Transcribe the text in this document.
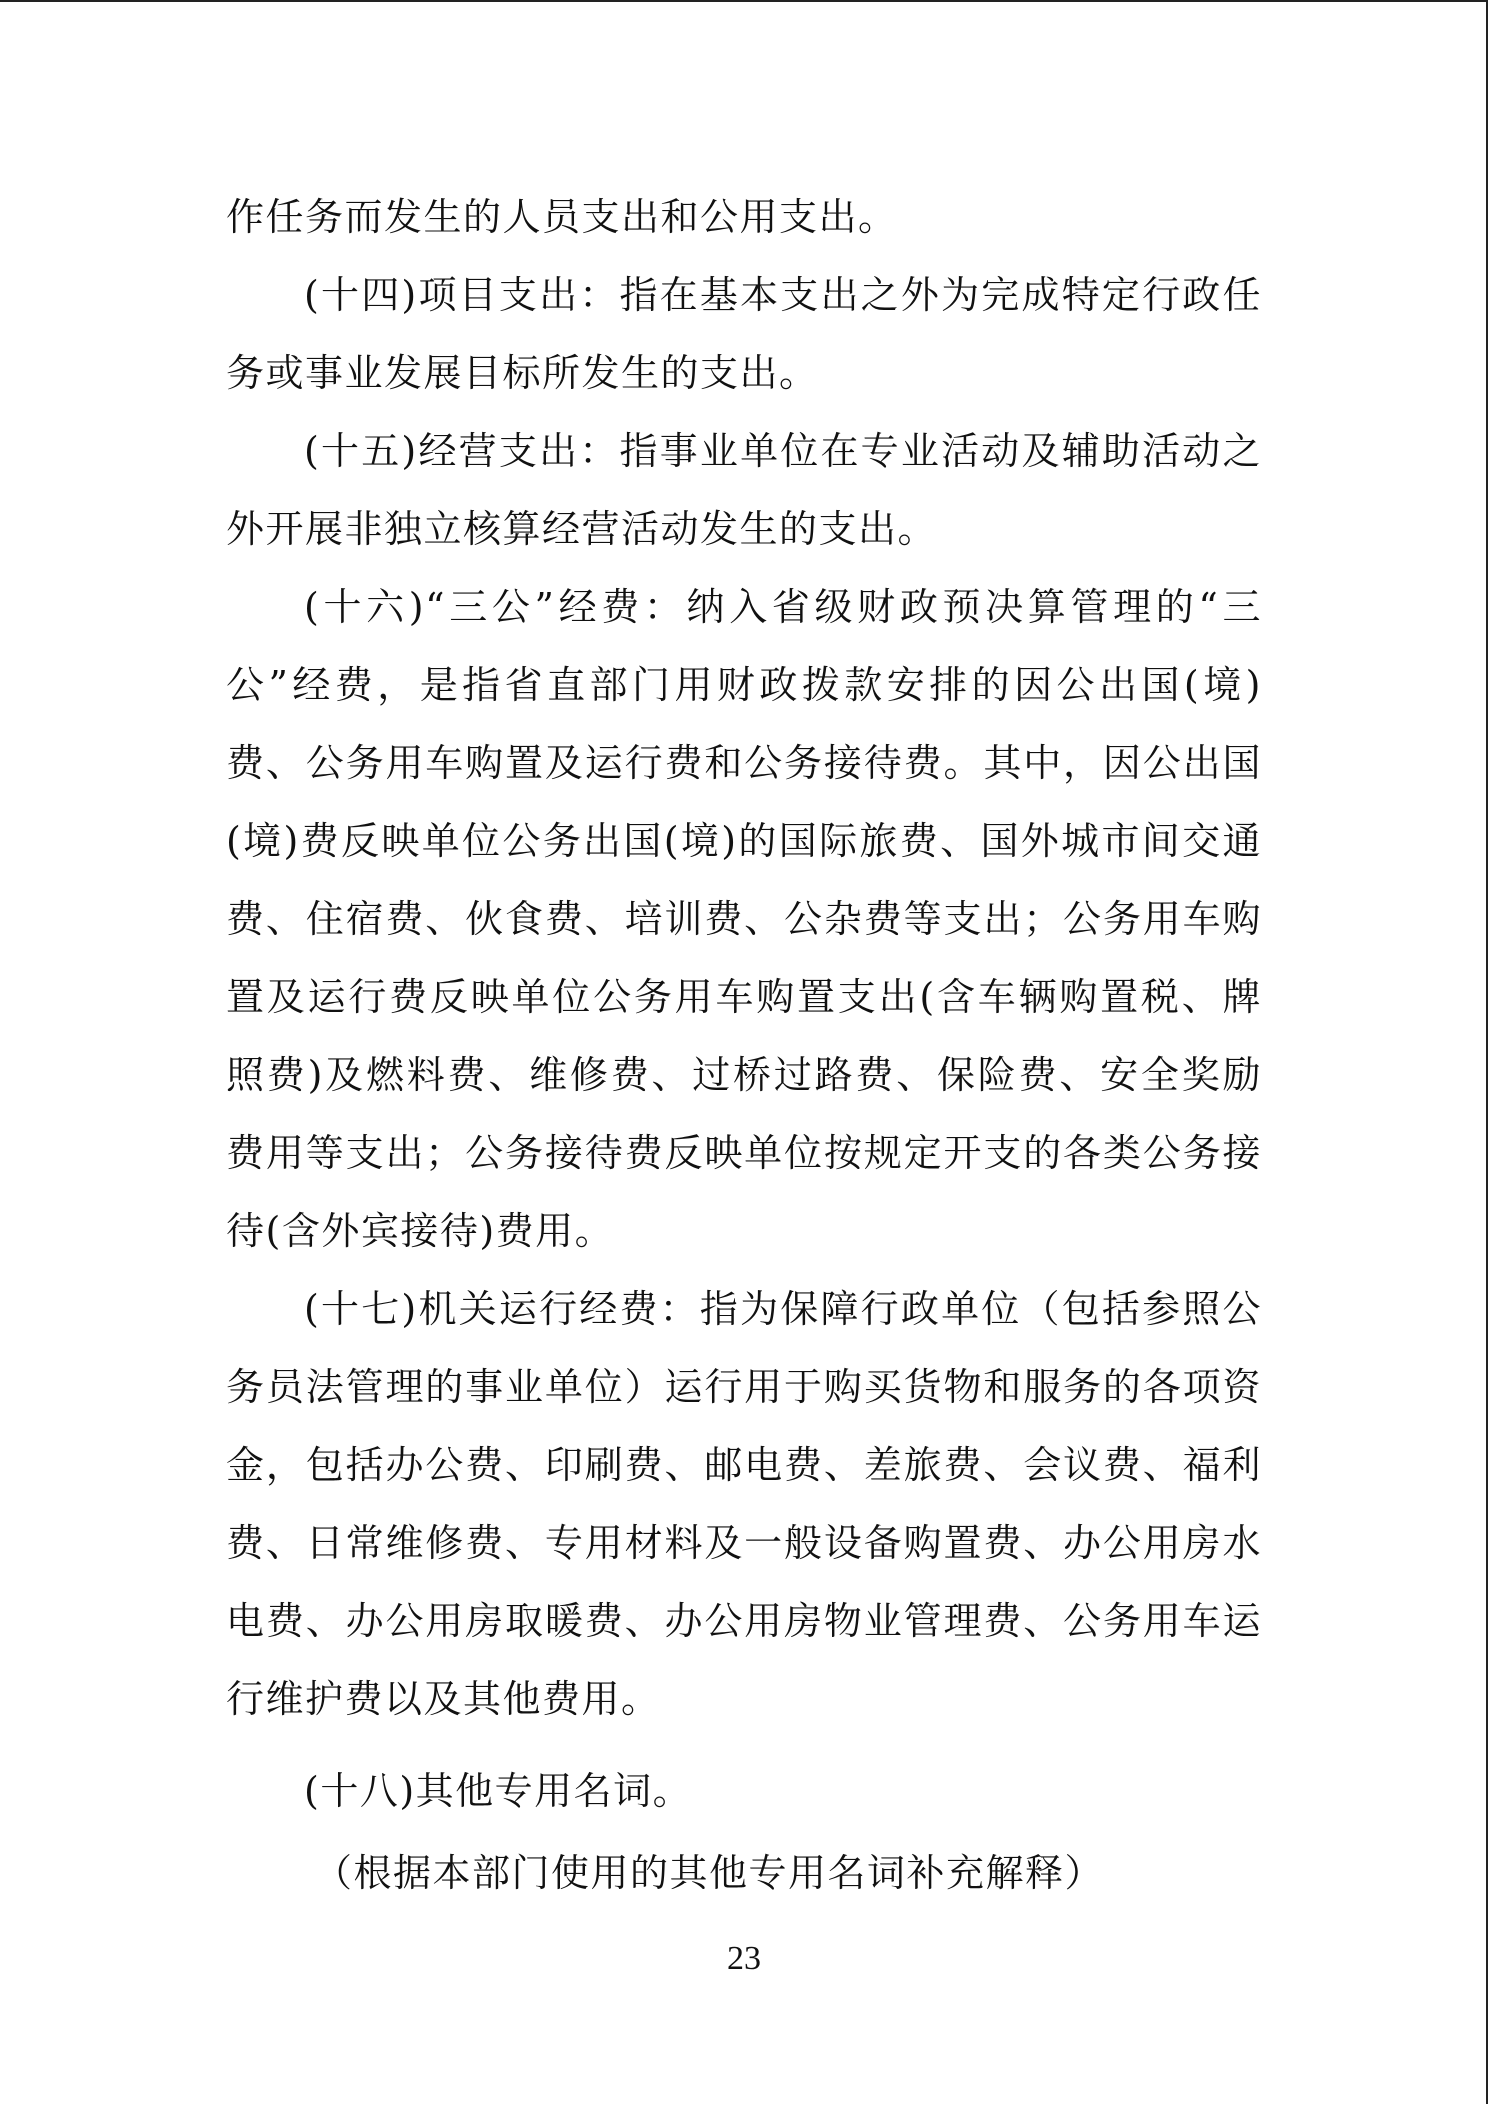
作任务而发生的人员支出和公用支出。

(十四)项目支出：指在基本支出之外为完成特定行政任务或事业发展目标所发生的支出。

(十五)经营支出：指事业单位在专业活动及辅助活动之外开展非独立核算经营活动发生的支出。

(十六)“三公”经费：纳入省级财政预决算管理的“三公”经费，是指省直部门用财政拨款安排的因公出国(境)费、公务用车购置及运行费和公务接待费。其中，因公出国(境)费反映单位公务出国(境)的国际旅费、国外城市间交通费、住宿费、伙食费、培训费、公杂费等支出；公务用车购置及运行费反映单位公务用车购置支出(含车辆购置税、牌照费)及燃料费、维修费、过桥过路费、保险费、安全奖励费用等支出；公务接待费反映单位按规定开支的各类公务接待(含外宾接待)费用。

(十七)机关运行经费：指为保障行政单位（包括参照公务员法管理的事业单位）运行用于购买货物和服务的各项资金，包括办公费、印刷费、邮电费、差旅费、会议费、福利费、日常维修费、专用材料及一般设备购置费、办公用房水电费、办公用房取暖费、办公用房物业管理费、公务用车运行维护费以及其他费用。

(十八)其他专用名词。

（根据本部门使用的其他专用名词补充解释）

23
